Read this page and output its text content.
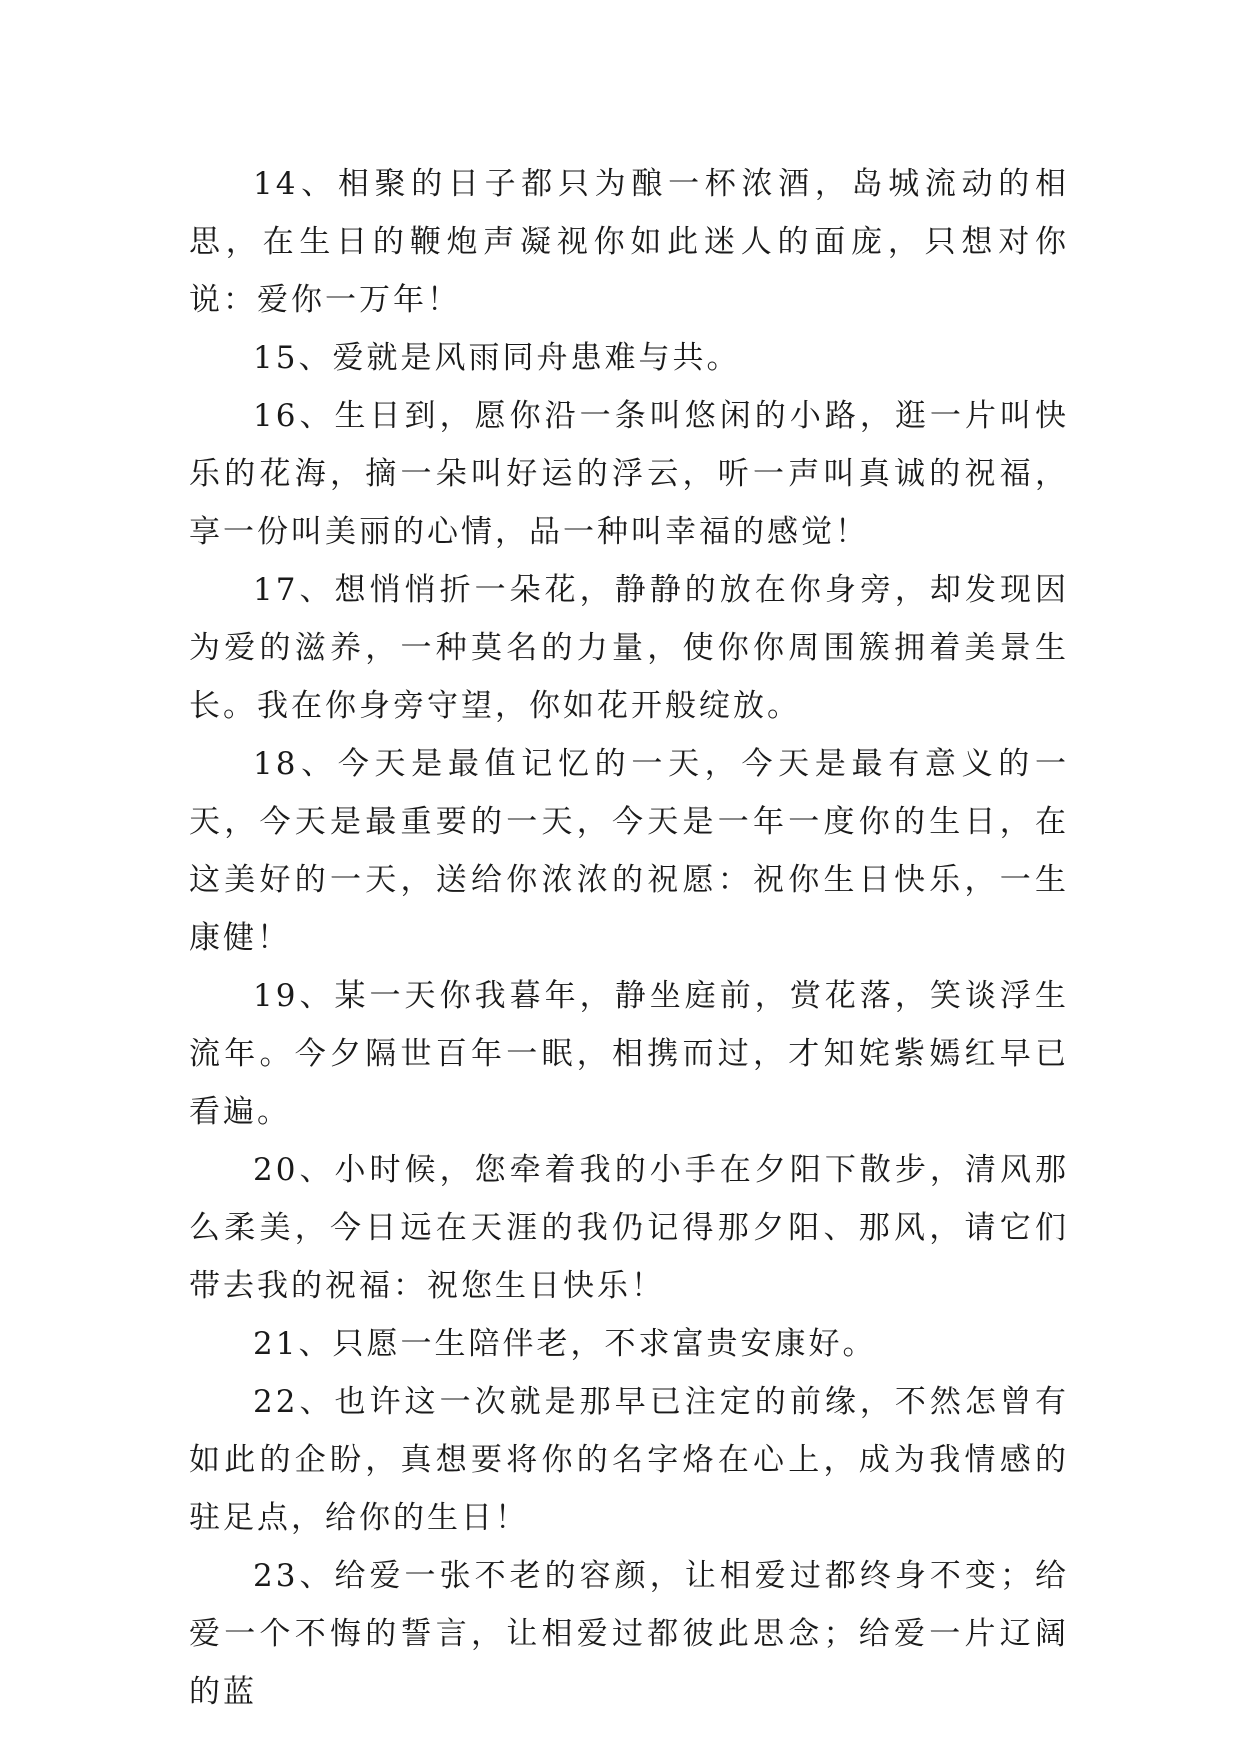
14、相聚的日子都只为酿一杯浓酒，岛城流动的相思，在生日的鞭炮声凝视你如此迷人的面庞，只想对你说：爱你一万年！

15、爱就是风雨同舟患难与共。

16、生日到，愿你沿一条叫悠闲的小路，逛一片叫快乐的花海，摘一朵叫好运的浮云，听一声叫真诚的祝福，享一份叫美丽的心情，品一种叫幸福的感觉！

17、想悄悄折一朵花，静静的放在你身旁，却发现因为爱的滋养，一种莫名的力量，使你你周围簇拥着美景生长。我在你身旁守望，你如花开般绽放。

18、今天是最值记忆的一天，今天是最有意义的一天，今天是最重要的一天，今天是一年一度你的生日，在这美好的一天，送给你浓浓的祝愿：祝你生日快乐，一生康健！

19、某一天你我暮年，静坐庭前，赏花落，笑谈浮生流年。今夕隔世百年一眠，相携而过，才知姹紫嫣红早已看遍。

20、小时候，您牵着我的小手在夕阳下散步，清风那么柔美，今日远在天涯的我仍记得那夕阳、那风，请它们带去我的祝福：祝您生日快乐！

21、只愿一生陪伴老，不求富贵安康好。

22、也许这一次就是那早已注定的前缘，不然怎曾有如此的企盼，真想要将你的名字烙在心上，成为我情感的驻足点，给你的生日！

23、给爱一张不老的容颜，让相爱过都终身不变；给爱一个不悔的誓言，让相爱过都彼此思念；给爱一片辽阔的蓝
